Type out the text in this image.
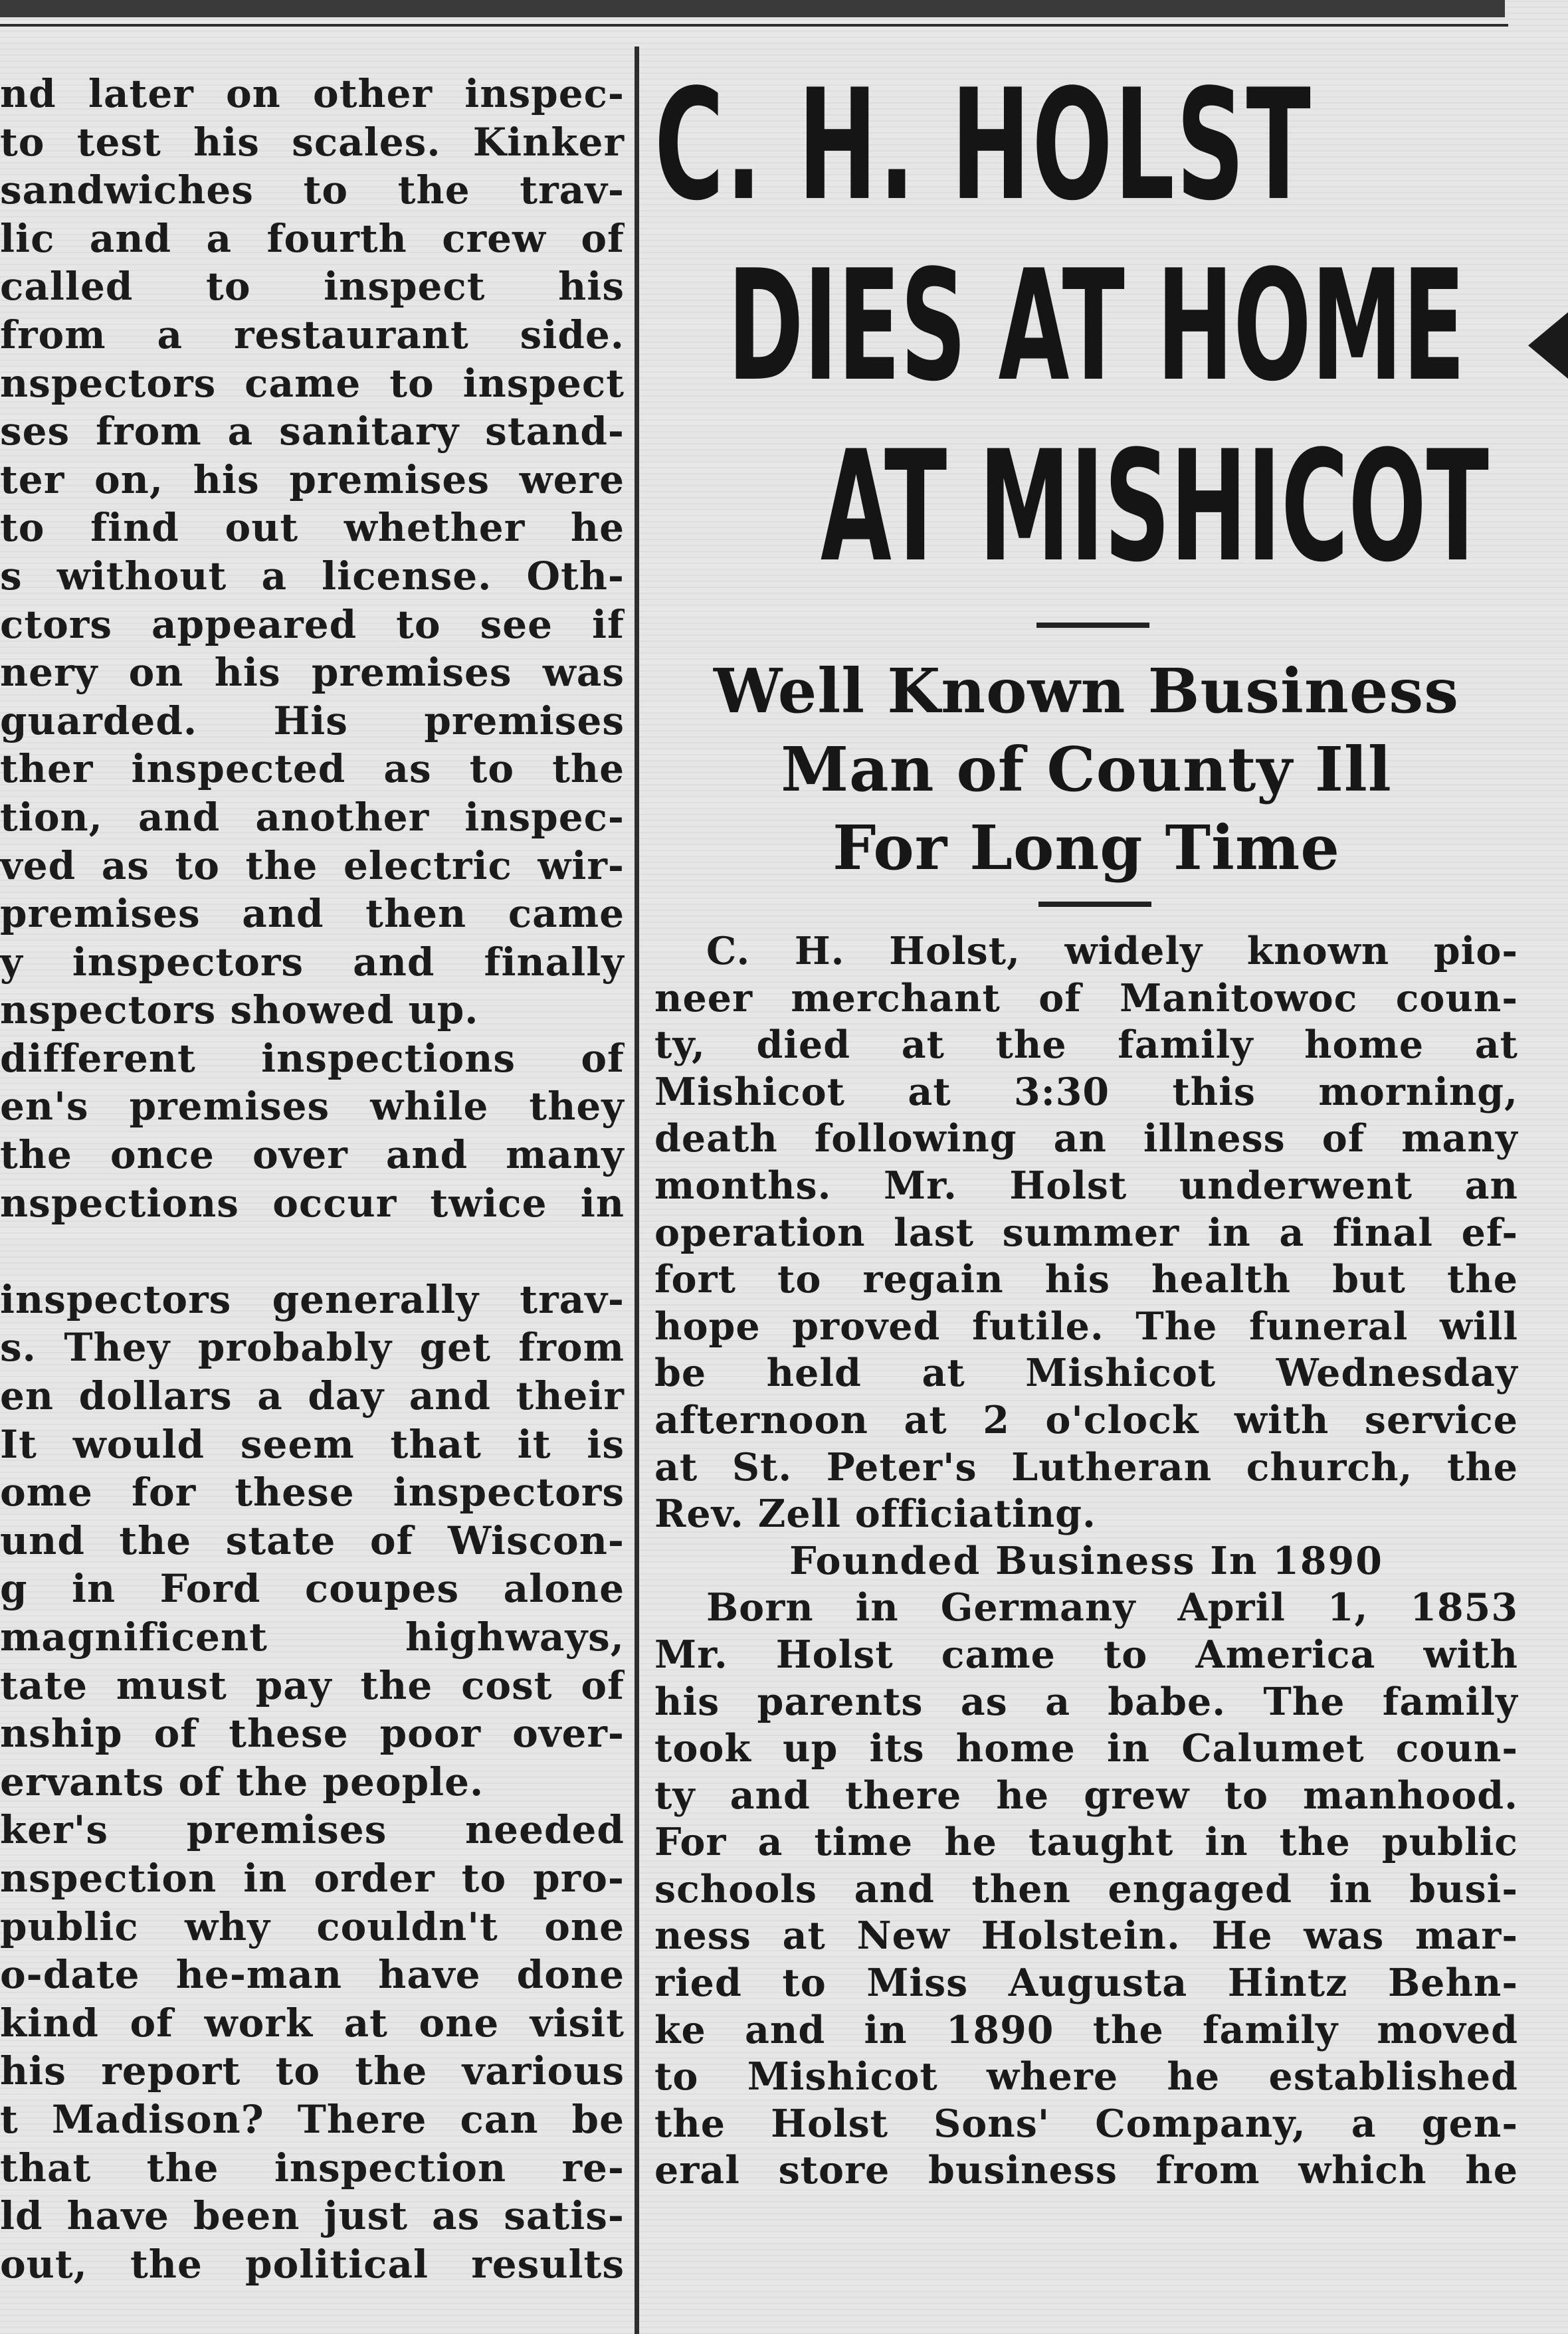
nd later on other inspec-
to test his scales. Kinker
sandwiches to the trav-
lic and a fourth crew of
called to inspect his
from a restaurant side.
nspectors came to inspect
ses from a sanitary stand-
ter on, his premises were
to find out whether he
s without a license. Oth-
ctors appeared to see if
nery on his premises was
guarded. His premises
ther inspected as to the
tion, and another inspec-
ved as to the electric wir-
premises and then came
y inspectors and finally
nspectors showed up.
different inspections of
en's premises while they
the once over and many
nspections occur twice in
inspectors generally trav-
s. They probably get from
en dollars a day and their
It would seem that it is
ome for these inspectors
und the state of Wiscon-
g in Ford coupes alone
magnificent highways,
tate must pay the cost of
nship of these poor over-
ervants of the people.
ker's premises needed
nspection in order to pro-
public why couldn't one
o-date he-man have done
kind of work at one visit
his report to the various
t Madison? There can be
that the inspection re-
ld have been just as satis-
out, the political results
C. H. HOLST
DIES AT HOME
AT MISHICOT
Well Known Business
Man of County Ill
For Long Time
C. H. Holst, widely known pio-
neer merchant of Manitowoc coun-
ty, died at the family home at
Mishicot at 3:30 this morning,
death following an illness of many
months. Mr. Holst underwent an
operation last summer in a final ef-
fort to regain his health but the
hope proved futile. The funeral will
be held at Mishicot Wednesday
afternoon at 2 o'clock with service
at St. Peter's Lutheran church, the
Rev. Zell officiating.
Founded Business In 1890
Born in Germany April 1, 1853
Mr. Holst came to America with
his parents as a babe. The family
took up its home in Calumet coun-
ty and there he grew to manhood.
For a time he taught in the public
schools and then engaged in busi-
ness at New Holstein. He was mar-
ried to Miss Augusta Hintz Behn-
ke and in 1890 the family moved
to Mishicot where he established
the Holst Sons' Company, a gen-
eral store business from which he
